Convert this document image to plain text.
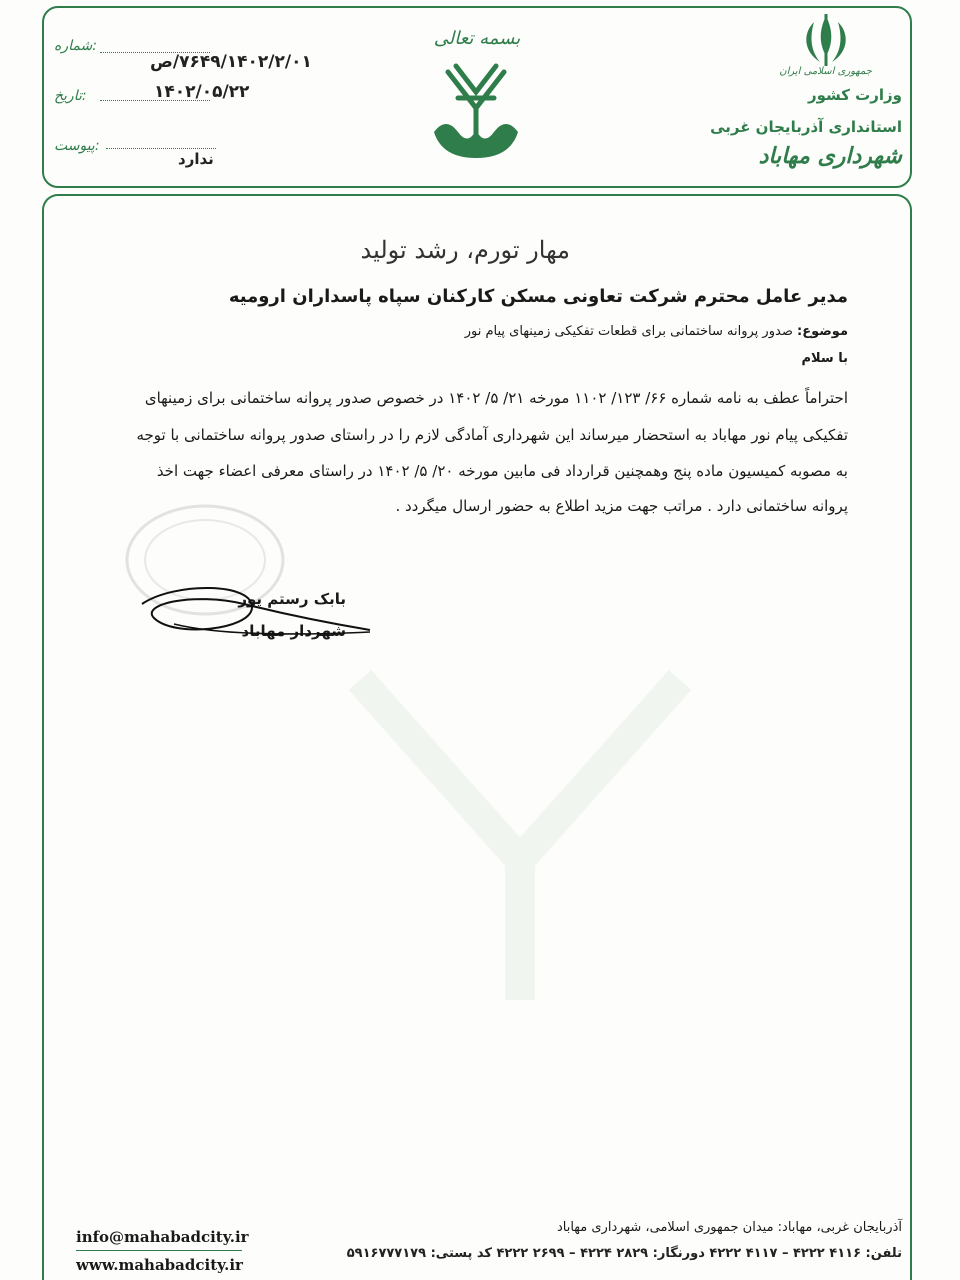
شماره:
۷۶۴۹/۱۴۰۲/۲/۰۱/ص
تاریخ:	۱۴۰۲/۰۵/۲۲
پیوست:
ندارد
بسمه تعالی
جمهوری اسلامی ایران
وزارت کشور
استانداری آذربایجان غربی
شهرداری مهاباد
مهار تورم، رشد تولید
مدیر عامل محترم شرکت تعاونی مسکن کارکنان سپاه پاسداران ارومیه
موضوع: صدور پروانه ساختمانی برای قطعات تفکیکی زمینهای پیام نور
با سلام
احتراماً عطف به نامه شماره ۶۶/ ۱۲۳/ ۱۱۰۲ مورخه ۲۱/ ۵/ ۱۴۰۲ در خصوص صدور پروانه ساختمانی برای زمینهای
تفکیکی پیام نور مهاباد به استحضار میرساند این شهرداری آمادگی لازم را در راستای صدور پروانه ساختمانی با توجه
به مصوبه کمیسیون ماده پنج وهمچنین قرارداد فی مابین مورخه ۲۰/ ۵/ ۱۴۰۲ در راستای معرفی اعضاء جهت اخذ
پروانه ساختمانی دارد . مراتب جهت مزید اطلاع به حضور ارسال میگردد .
بابک رستم پور
شهردار مهاباد
info@mahabadcity.ir
www.mahabadcity.ir
آذربایجان غربی، مهاباد: میدان جمهوری اسلامی، شهرداری مهاباد
تلفن: ۴۱۱۶ ۴۲۲۲ – ۴۱۱۷ ۴۲۲۲ دورنگار: ۲۸۲۹ ۴۲۲۴ – ۲۶۹۹ ۴۲۲۲ کد پستی: ۵۹۱۶۷۷۷۱۷۹
